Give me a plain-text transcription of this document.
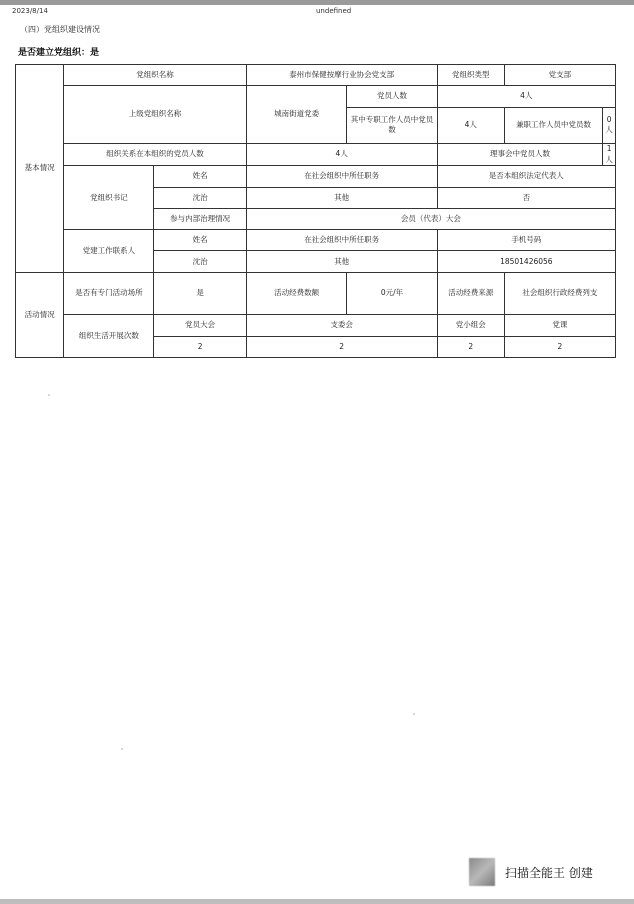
2023/8/14	undefined
（四）党组织建设情况
是否建立党组织：是
基本情况	党组织名称		泰州市保健按摩行业协会党支部		党组织类型	党支部	
	上级党组织名称		城南街道党委	党员人数	4人		
				其中专职工作人员中党员数	4人	兼职工作人员中党员数	0人

	组织关系在本组织的党员人数		4人		理事会中党员人数		1人
	党组织书记	姓名	在社会组织中所任职务		是否本组织法定代表人		
		沈治	其他		否		
		参与内部治理情况	会员（代表）大会				
	党建工作联系人	姓名	在社会组织中所任职务		手机号码		
		沈治	其他		18501426056		
活动情况	是否有专门活动场所	是	活动经费数额	0元/年	活动经费来源	社会组织行政经费列支	
	组织生活开展次数	党员大会	支委会		党小组会	党课	
		2	2		2	2	
扫描全能王 创建
